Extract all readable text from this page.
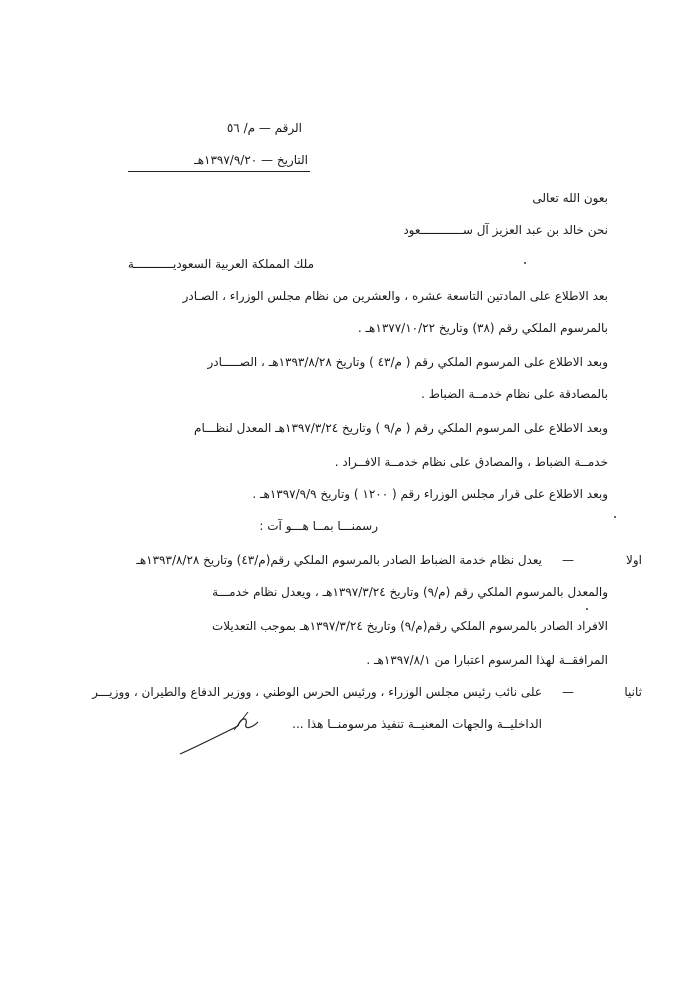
الرقم — م/ ٥٦
التاريخ — ١٣٩٧/٩/٢٠هـ
بعون الله تعالى
نحن خالد بن عبد العزيز آل ســــــــــــعود
ملك المملكة العربية السعوديـــــــــــة
بعد الاطلاع على المادتين التاسعة عشره ، والعشرين من نظام مجلس الوزراء ، الصـادر
بالمرسوم الملكي رقم (٣٨) وتاريخ ١٣٧٧/١٠/٢٢هـ .
وبعد الاطلاع على المرسوم الملكي رقم ( م/٤٣ ) وتاريخ ١٣٩٣/٨/٢٨هـ ، الصـــــادر
بالمصادقة على نظام خدمــة الضباط .
وبعد الاطلاع على المرسوم الملكي رقم ( م/٩ ) وتاريخ ١٣٩٧/٣/٢٤هـ المعدل لنظـــام
خدمــة الضباط ، والمصادق على نظام خدمــة الافــراد .
وبعد الاطلاع على قرار مجلس الوزراء رقم ( ١٢٠٠ ) وتاريخ ١٣٩٧/٩/٩هـ .
رسمنـــا بمــا هـــو آت :
اولا
—
يعدل نظام خدمة الضباط الصادر بالمرسوم الملكي رقم(م/٤٣) وتاريخ ١٣٩٣/٨/٢٨هـ
والمعدل بالمرسوم الملكي رقم (م/٩) وتاريخ ١٣٩٧/٣/٢٤هـ ، ويعدل نظام خدمـــة
الافراد الصادر بالمرسوم الملكي رقم(م/٩) وتاريخ ١٣٩٧/٣/٢٤هـ بموجب التعديلات
المرافقــة لهذا المرسوم اعتبارا من ١٣٩٧/٨/١هـ .
ثانيا
—
على نائب رئيس مجلس الوزراء ، ورئيس الحرس الوطني ، ووزير الدفاع والطيران ، ووزيـــر
الداخليــة والجهات المعنيــة تنفيذ مرسومنــا هذا ...
